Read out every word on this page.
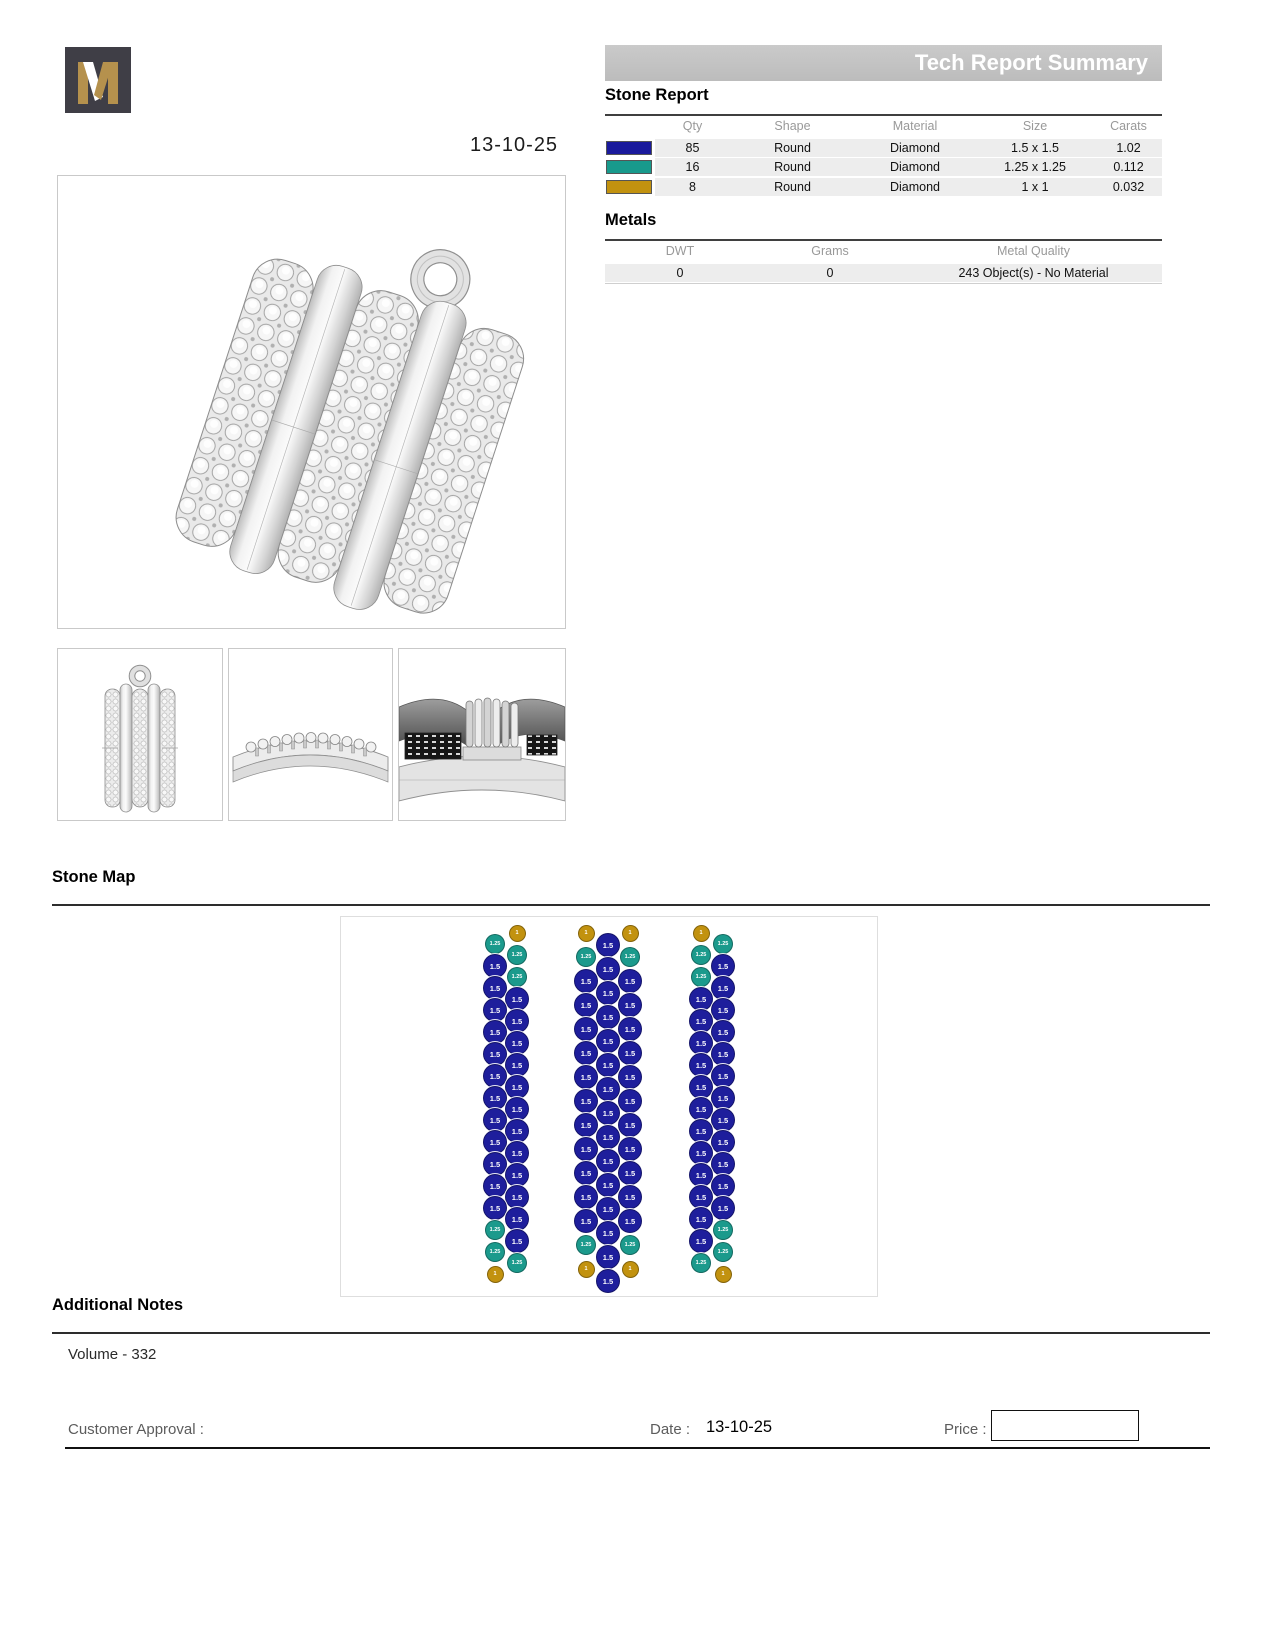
Tech Report Summary
Stone Report
Qty	Shape	Material	Size	Carats
85	Round	Diamond	1.5 x 1.5	1.02
16	Round	Diamond	1.25 x 1.25	0.112
8	Round	Diamond	1 x 1	0.032
Metals
DWT	Grams	Metal Quality
0	0	243 Object(s) - No Material
13-10-25
Stone Map
1
1.25
1.25
1.5
1.25
1.5
1.5
1.5
1.5
1.5
1.5
1.5
1.5
1.5
1.5
1.5
1.5
1.5
1.5
1.5
1.5
1.5
1.5
1.5
1.5
1.5
1.5
1.25
1.5
1.25
1.25
1
1	1
1.5
1.25	1.25
1.5
1.5	1.5
1.5
1.5	1.5
1.5
1.5	1.5
1.5
1.5	1.5
1.5
1.5	1.5
1.5
1.5	1.5
1.5
1.5	1.5
1.5
1.5	1.5
1.5
1.5	1.5
1.5
1.5	1.5
1.5
1.5	1.5
1.5
1.25	1.25
1.5
1	1
1.5
1
1.25
1.25
1.5
1.25
1.5
1.5
1.5
1.5
1.5
1.5
1.5
1.5
1.5
1.5
1.5
1.5
1.5
1.5
1.5
1.5
1.5
1.5
1.5
1.5
1.5
1.5
1.25
1.5
1.25
1.25
1
Additional Notes
Volume - 332
Customer Approval :	Date : 13-10-25	Price :
